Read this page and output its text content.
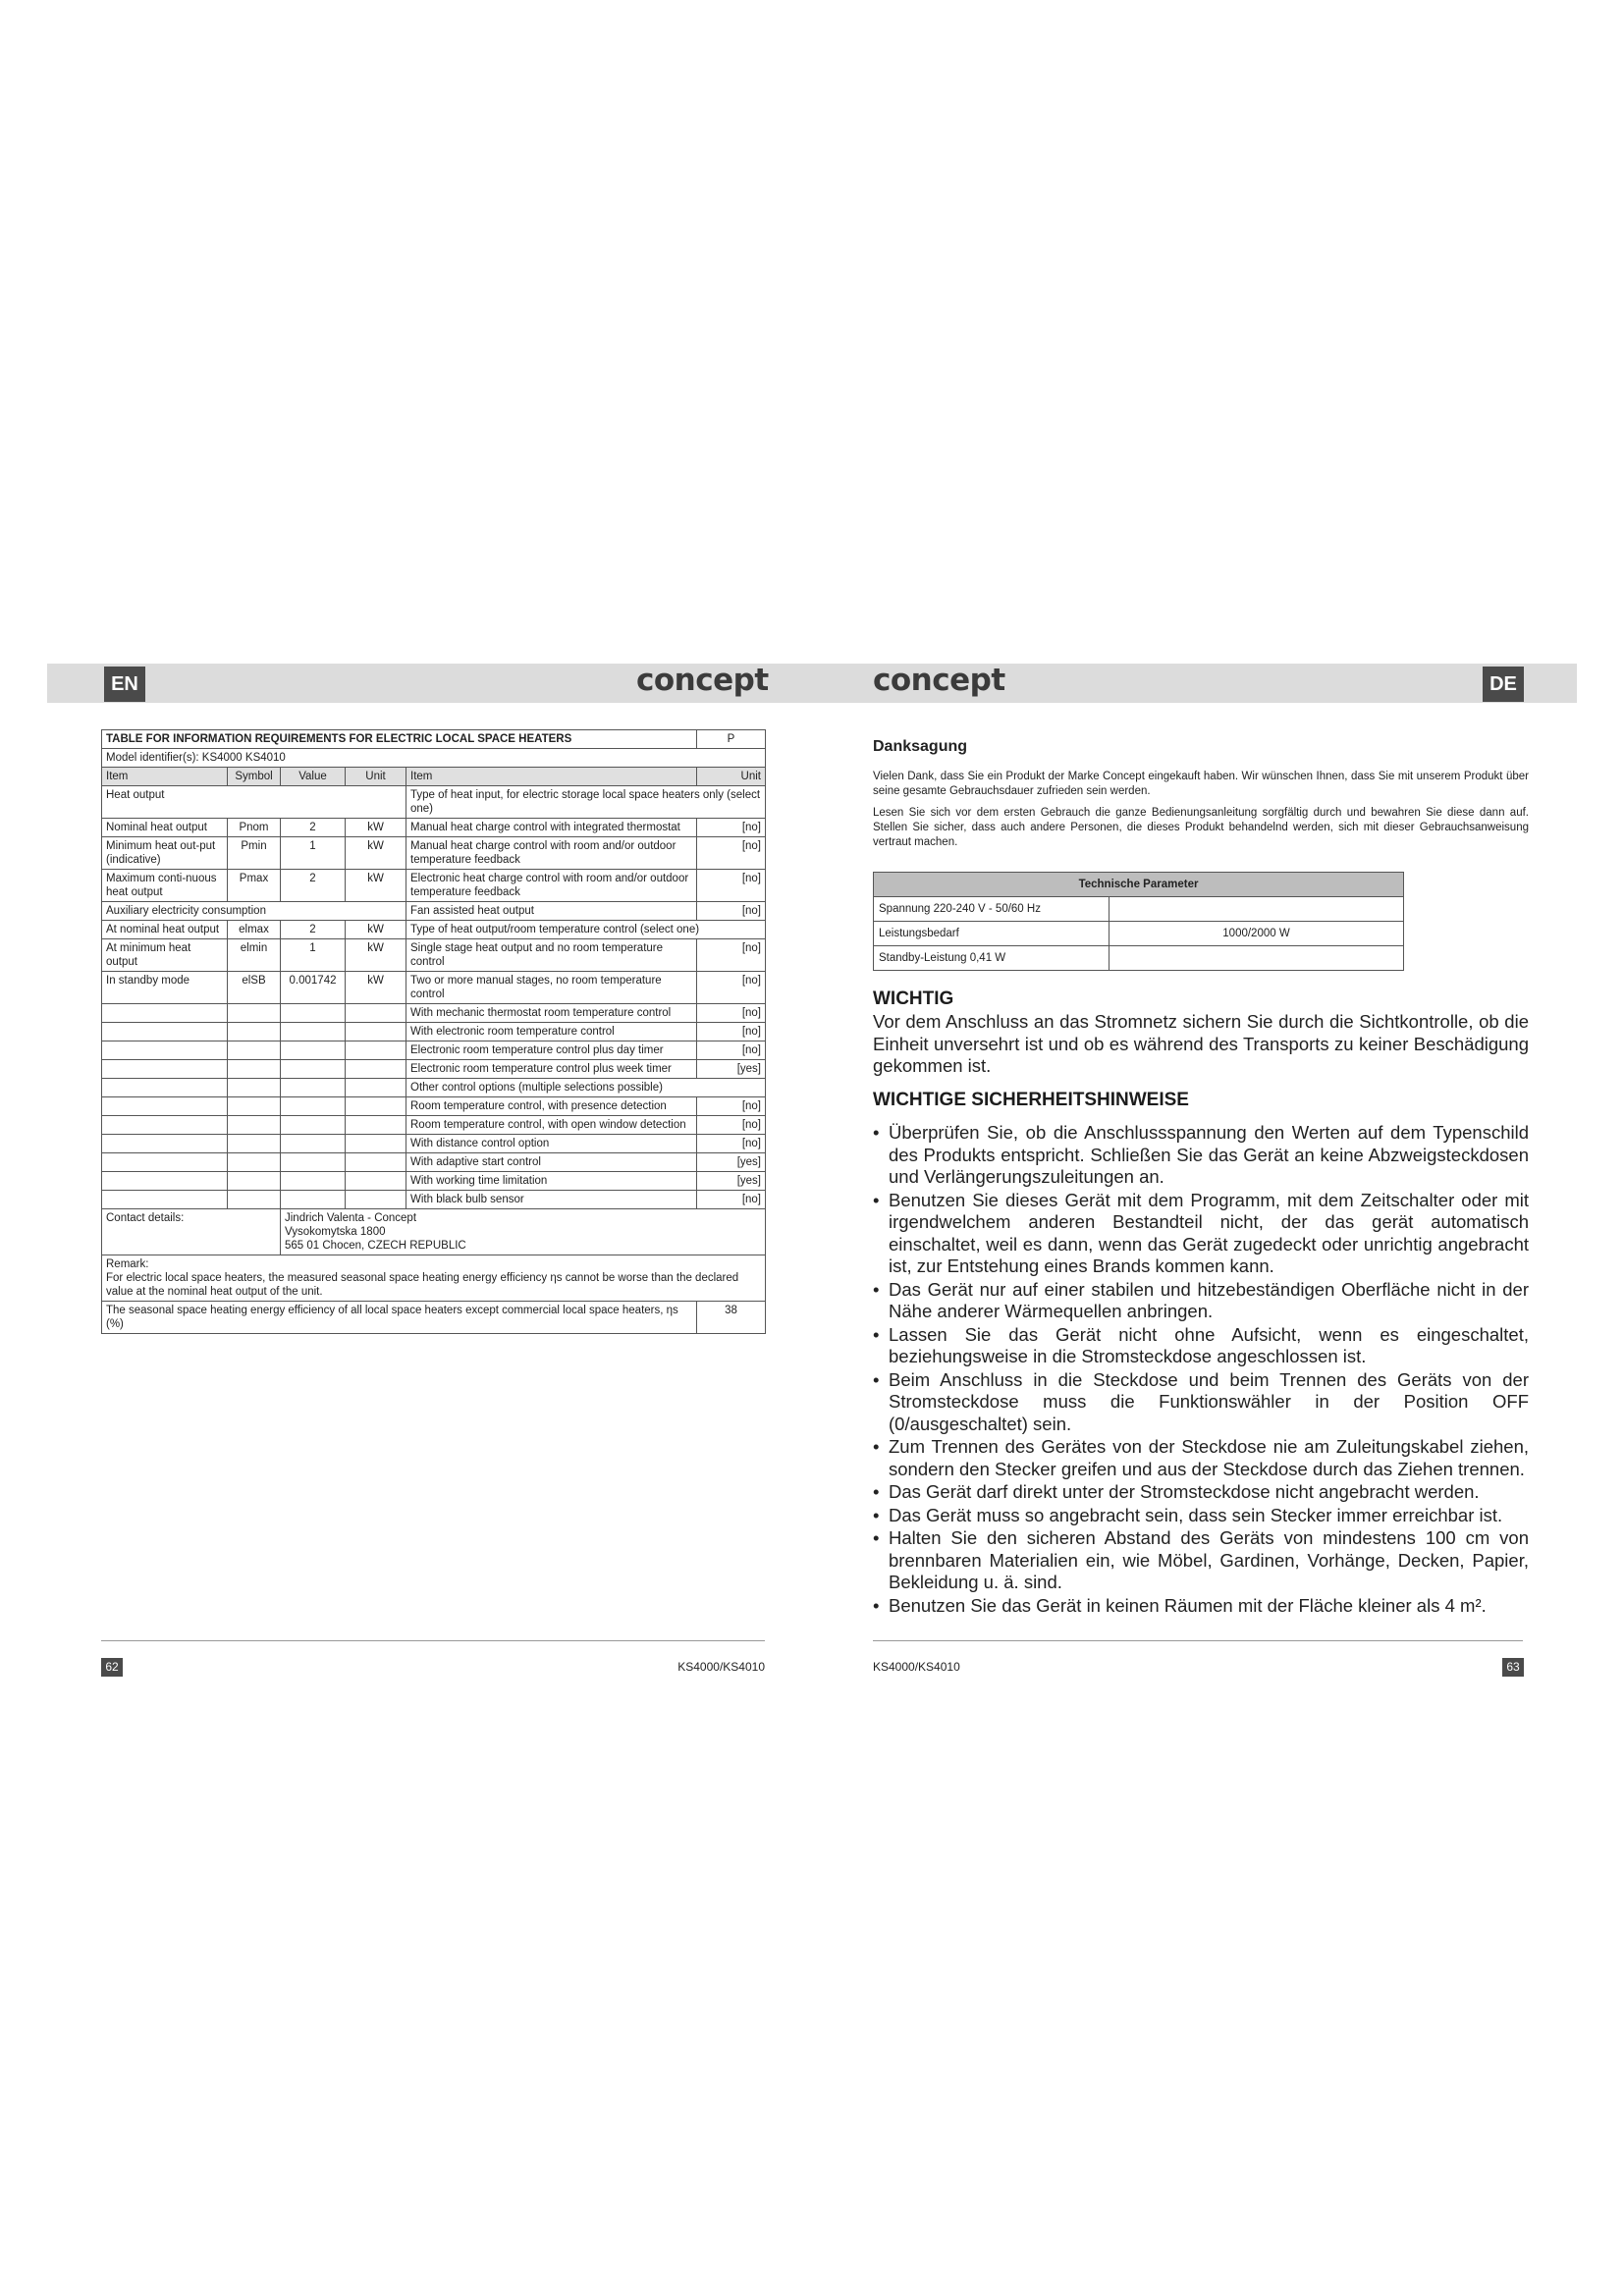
EN	concept
TABLE FOR INFORMATION REQUIREMENTS FOR ELECTRIC LOCAL SPACE HEATERS					P
Model identifier(s): KS4000 KS4010					
Item	Symbol	Value	Unit	Item	Unit
Heat output				Type of heat input, for electric storage local space heaters only (select one)	
Nominal heat output	Pnom	2	kW	Manual heat charge control with integrated thermostat	[no]
Minimum heat out-put (indicative)	Pmin	1	kW	Manual heat charge control with room and/or outdoor temperature feedback	[no]
Maximum conti-nuous heat output	Pmax	2	kW	Electronic heat charge control with room and/or outdoor temperature feedback	[no]
Auxiliary electricity consumption				Fan assisted heat output	[no]
At nominal heat output	elmax	2	kW	Type of heat output/room temperature control (select one)	
At minimum heat output	elmin	1	kW	Single stage heat output and no room temperature control	[no]
In standby mode	elSB	0.001742	kW	Two or more manual stages, no room temperature control	[no]
				With mechanic thermostat room temperature control	[no]
				With electronic room temperature control	[no]
				Electronic room temperature control plus day timer	[no]
				Electronic room temperature control plus week timer	[yes]
				Other control options (multiple selections possible)	
				Room temperature control, with presence detection	[no]
				Room temperature control, with open window detection	[no]
				With distance control option	[no]
				With adaptive start control	[yes]
				With working time limitation	[yes]
				With black bulb sensor	[no]
Contact details:		Jindrich Valenta - Concept
Vysokomytska 1800
565 01 Chocen, CZECH REPUBLIC			

Remark:
For electric local space heaters, the measured seasonal space heating energy efficiency ηs cannot be worse than the declared value at the nominal heat output of the unit.					

The seasonal space heating energy efficiency of all local space heaters except commercial local space heaters, ηs (%)					38
62	KS4000/KS4010
DE
concept
Danksagung

Vielen Dank, dass Sie ein Produkt der Marke Concept eingekauft haben. Wir wünschen Ihnen, dass Sie mit unserem Produkt über seine gesamte Gebrauchsdauer zufrieden sein werden.

Lesen Sie sich vor dem ersten Gebrauch die ganze Bedienungsanleitung sorgfältig durch und bewahren Sie diese dann auf. Stellen Sie sicher, dass auch andere Personen, die dieses Produkt behandelnd werden, sich mit dieser Gebrauchsanweisung vertraut machen.

Technische Parameter	
Spannung 220-240 V - 50/60 Hz	
Leistungsbedarf	1000/2000 W
Standby-Leistung 0,41 W	
WICHTIG
Vor dem Anschluss an das Stromnetz sichern Sie durch die Sichtkontrolle, ob die Einheit unversehrt ist und ob es während des Transports zu keiner Beschädigung gekommen ist.
WICHTIGE SICHERHEITSHINWEISE
• Überprüfen Sie, ob die Anschlussspannung den Werten auf dem Typenschild des Produkts entspricht. Schließen Sie das Gerät an keine Abzweigsteckdosen und Verlängerungszuleitungen an.
• Benutzen Sie dieses Gerät mit dem Programm, mit dem Zeitschalter oder mit irgendwelchem anderen Bestandteil nicht, der das gerät automatisch einschaltet, weil es dann, wenn das Gerät zugedeckt oder unrichtig angebracht ist, zur Entstehung eines Brands kommen kann.
• Das Gerät nur auf einer stabilen und hitzebeständigen Oberfläche nicht in der Nähe anderer Wärmequellen anbringen.
• Lassen Sie das Gerät nicht ohne Aufsicht, wenn es eingeschaltet, beziehungsweise in die Stromsteckdose angeschlossen ist.
• Beim Anschluss in die Steckdose und beim Trennen des Geräts von der Stromsteckdose muss die Funktionswähler in der Position OFF (0/ausgeschaltet) sein.
• Zum Trennen des Gerätes von der Steckdose nie am Zuleitungskabel ziehen, sondern den Stecker greifen und aus der Steckdose durch das Ziehen trennen.
• Das Gerät darf direkt unter der Stromsteckdose nicht angebracht werden.
• Das Gerät muss so angebracht sein, dass sein Stecker immer erreichbar ist.
• Halten Sie den sicheren Abstand des Geräts von mindestens 100 cm von brennbaren Materialien ein, wie Möbel, Gardinen, Vorhänge, Decken, Papier, Bekleidung u. ä. sind.
• Benutzen Sie das Gerät in keinen Räumen mit der Fläche kleiner als 4 m².
KS4000/KS4010	63
